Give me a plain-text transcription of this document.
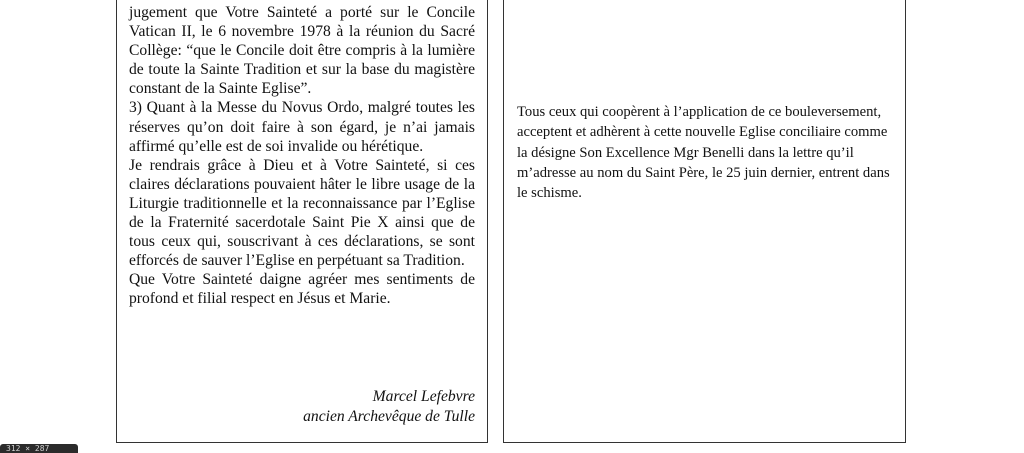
jugement que Votre Sainteté a porté sur le Concile Vatican II, le 6 novembre 1978 à la réunion du Sacré Collège: “que le Concile doit être compris à la lumière de toute la Sainte Tradition et sur la base du magistère constant de la Sainte Eglise”.

3) Quant à la Messe du Novus Ordo, malgré toutes les réserves qu’on doit faire à son égard, je n’ai jamais affirmé qu’elle est de soi invalide ou hérétique.

Je rendrais grâce à Dieu et à Votre Sainteté, si ces claires déclarations pouvaient hâter le libre usage de la Liturgie traditionnelle et la reconnaissance par l’Eglise de la Fraternité sacerdotale Saint Pie X ainsi que de tous ceux qui, souscrivant à ces déclarations, se sont efforcés de sauver l’Eglise en perpétuant sa Tradition.

Que Votre Sainteté daigne agréer mes sentiments de profond et filial respect en Jésus et Marie.

Marcel Lefebvre
ancien Archevêque de Tulle
Tous ceux qui coopèrent à l’application de ce bouleversement, acceptent et adhèrent à cette nouvelle Eglise conciliaire comme la désigne Son Excellence Mgr Benelli dans la lettre qu’il m’adresse au nom du Saint Père, le 25 juin dernier, entrent dans le schisme.
312 × 287
